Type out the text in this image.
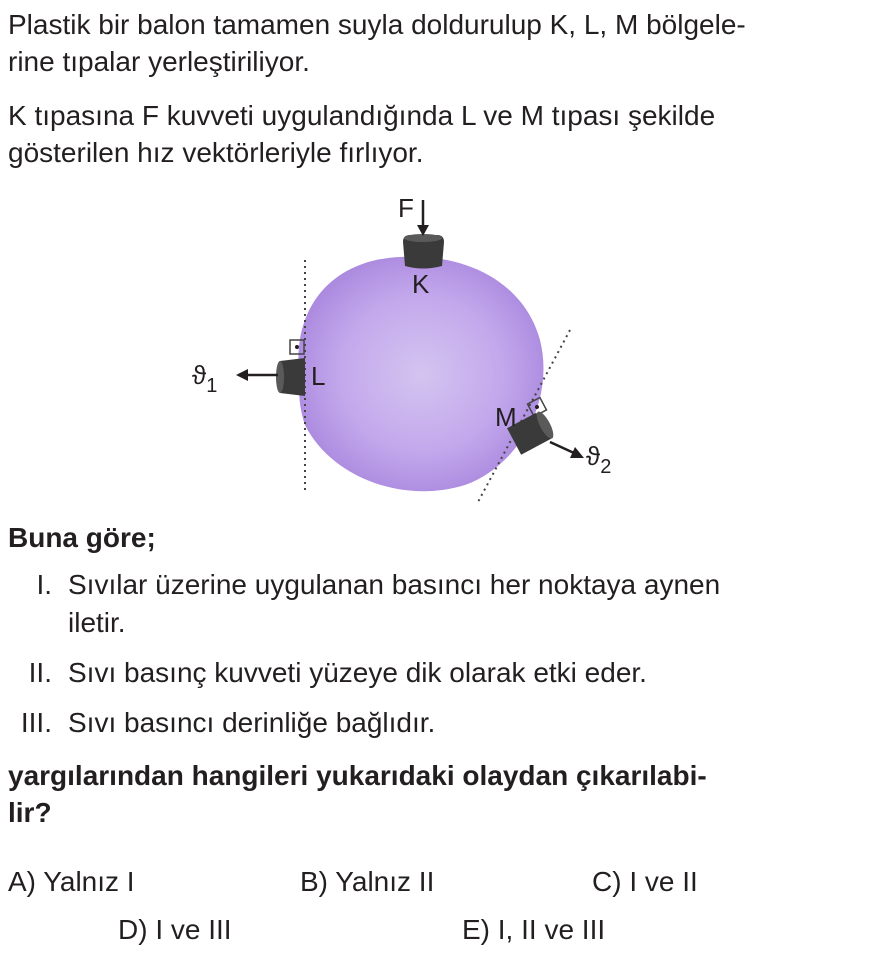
Plastik bir balon tamamen suyla doldurulup K, L, M bölgele-
rine tıpalar yerleştiriliyor.
K tıpasına F kuvveti uygulandığında L ve M tıpası şekilde
gösterilen hız vektörleriyle fırlıyor.
F
K
L
$ϑ_1$
M
$ϑ_2$
Buna göre;
I. Sıvılar üzerine uygulanan basıncı her noktaya aynen
iletir.
II. Sıvı basınç kuvveti yüzeye dik olarak etki eder.
III. Sıvı basıncı derinliğe bağlıdır.
yargılarından hangileri yukarıdaki olaydan çıkarılabi-
lir?
A) Yalnız I	B) Yalnız II	C) I ve II
D) I ve III	E) I, II ve III
